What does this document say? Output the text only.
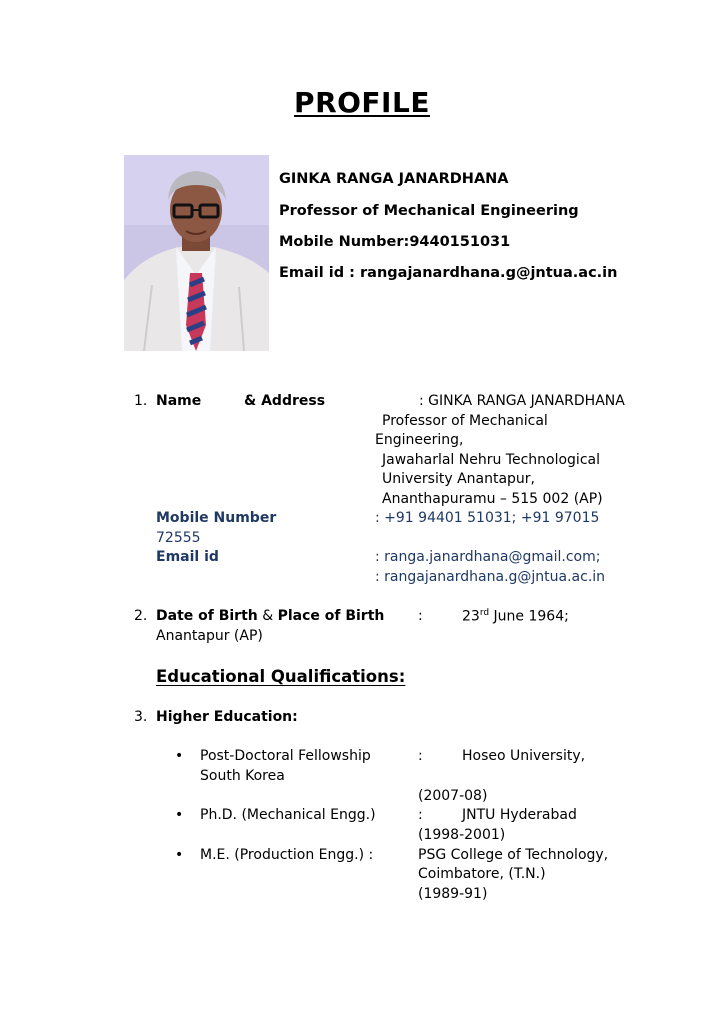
PROFILE
GINKA RANGA JANARDHANA
Professor of Mechanical Engineering
Mobile Number:9440151031
Email id : rangajanardhana.g@jntua.ac.in
1. Name	& Address	: GINKA RANGA JANARDHANA
Professor of Mechanical
Engineering,
Jawaharlal Nehru Technological
University Anantapur,
Ananthapuramu – 515 002 (AP)
Mobile Number	: +91 94401 51031; +91 97015
72555
Email id	: ranga.janardhana@gmail.com;
: rangajanardhana.g@jntua.ac.in
2. Date of Birth & Place of Birth :	23rd June 1964;
Anantapur (AP)
Educational Qualifications:
3. Higher Education:
• Post-Doctoral Fellowship	:	Hoseo University,
South Korea
(2007-08)
• Ph.D. (Mechanical Engg.)	:	JNTU Hyderabad
(1998-2001)
• M.E. (Production Engg.) :	PSG College of Technology,
Coimbatore, (T.N.)
(1989-91)
